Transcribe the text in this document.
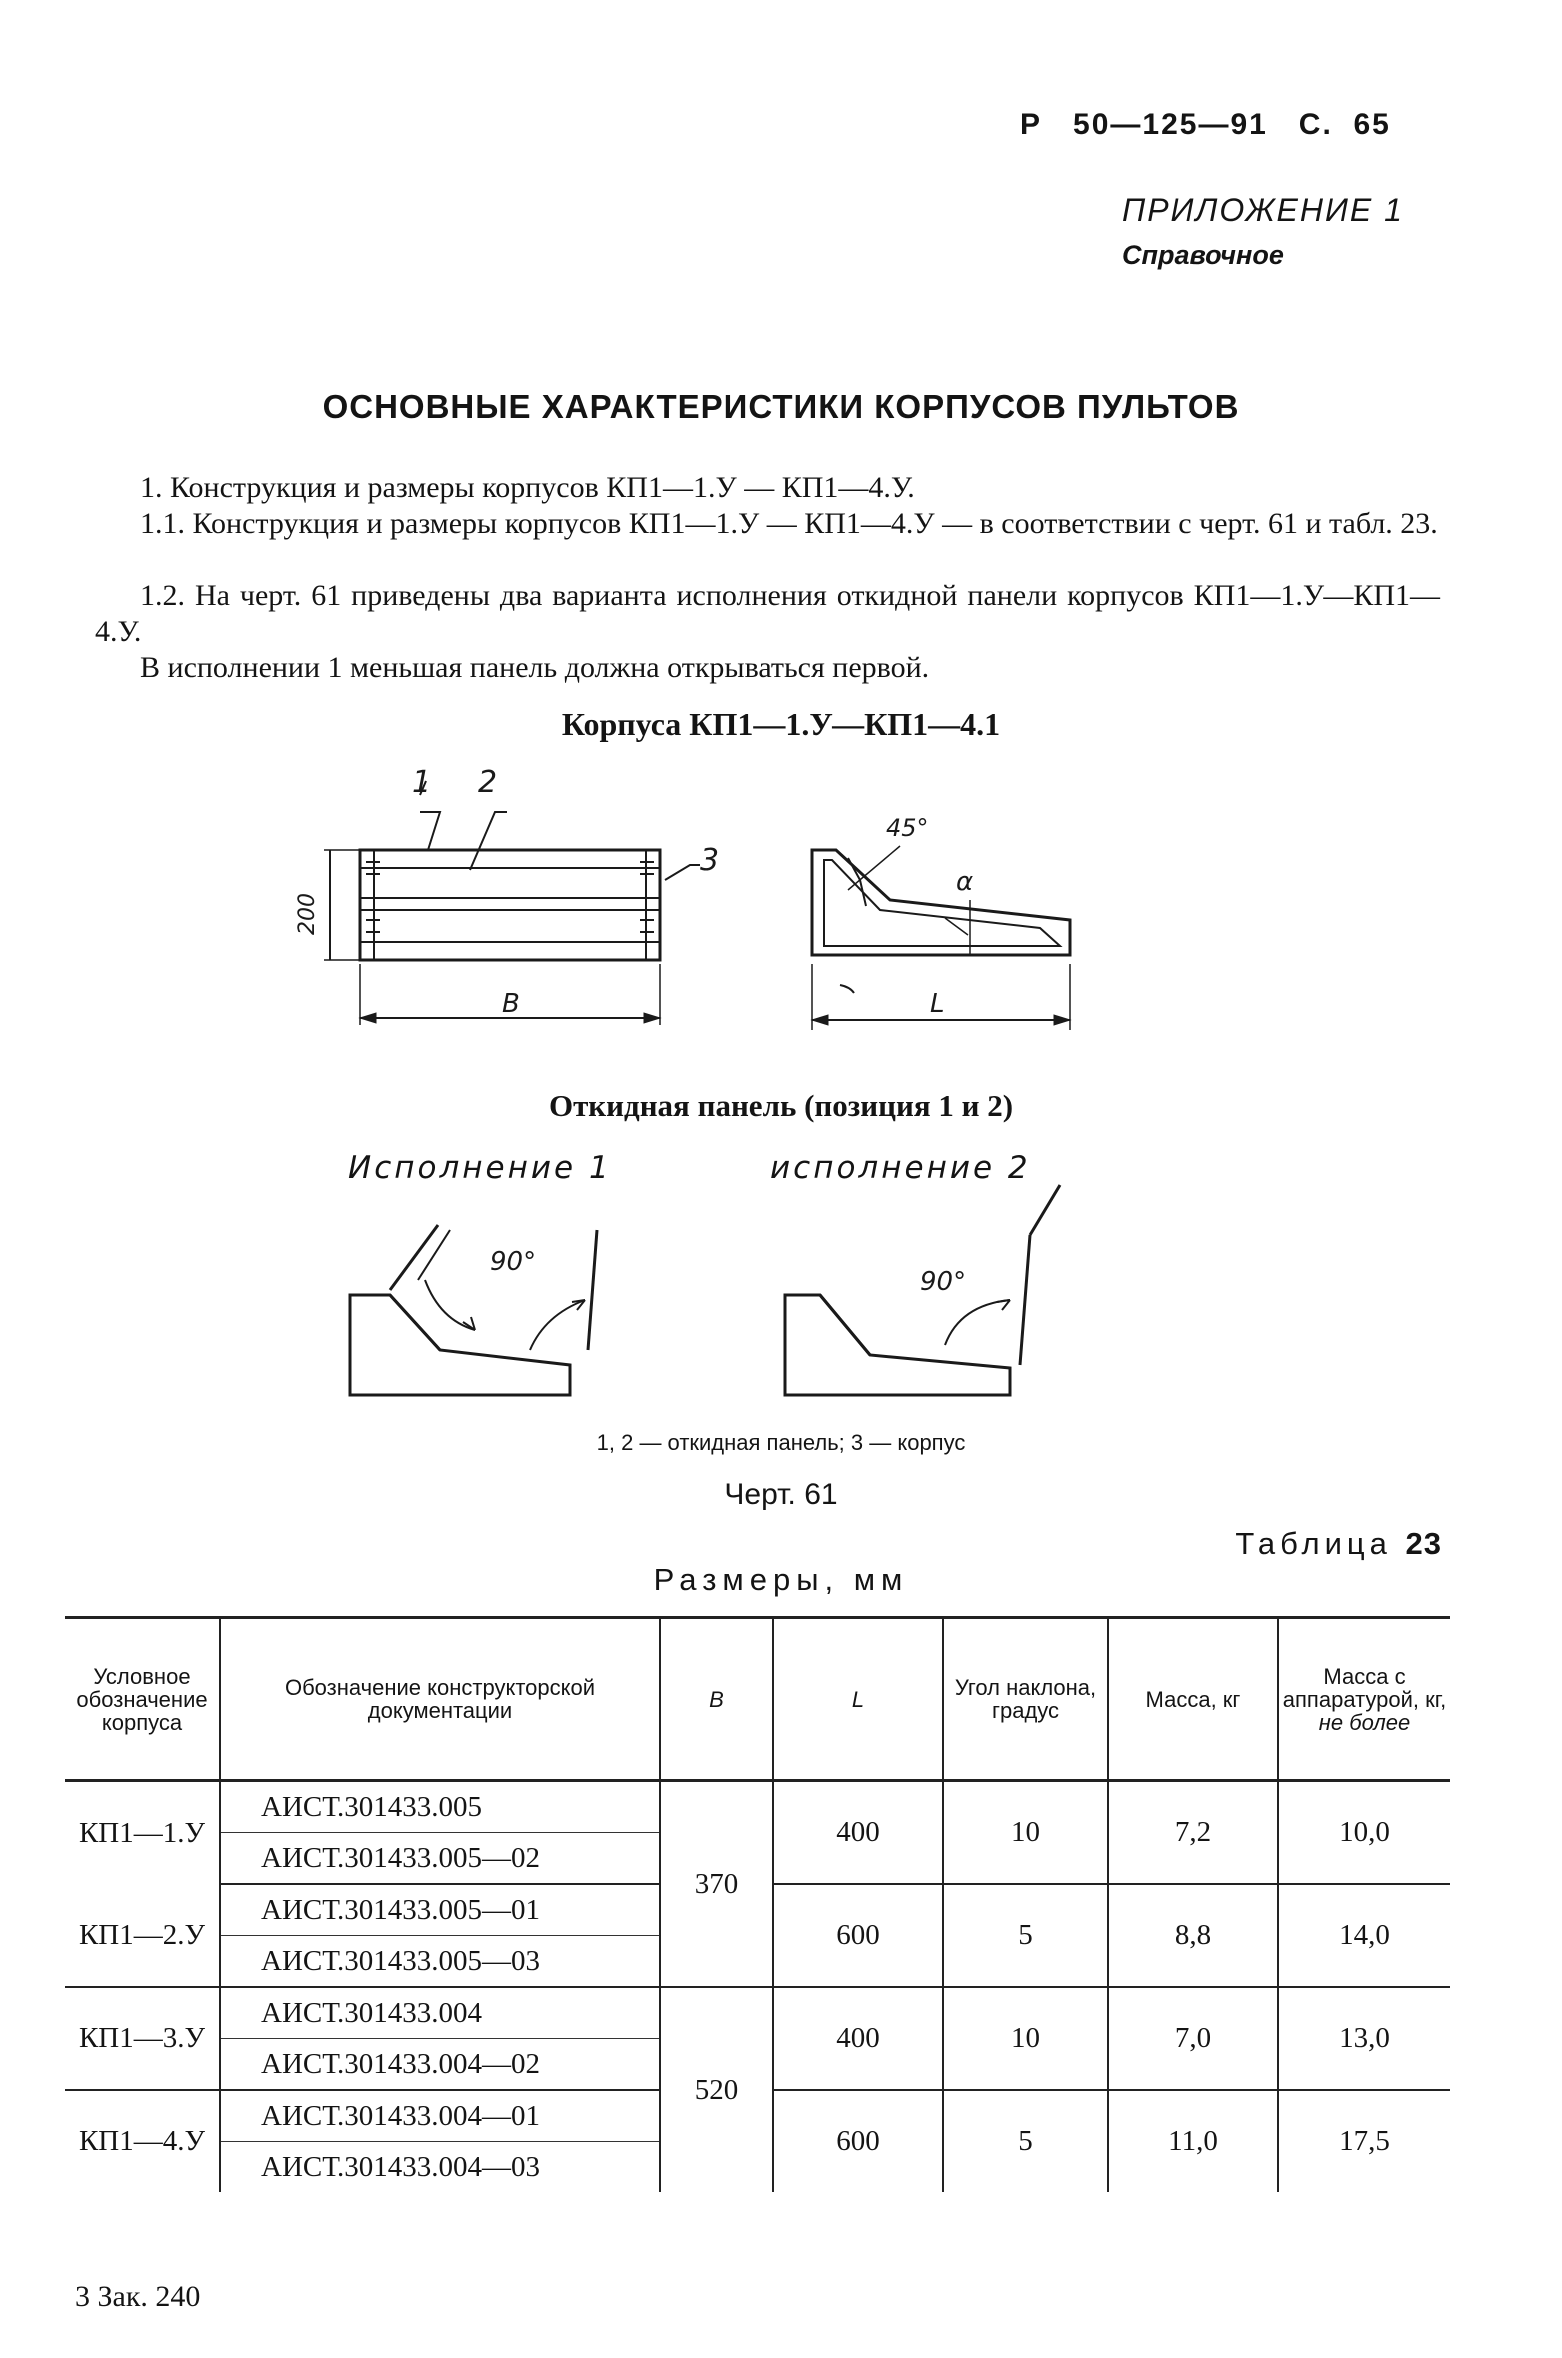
Р   50—125—91   С.  65
ПРИЛОЖЕНИЕ 1
Справочное
ОСНОВНЫЕ ХАРАКТЕРИСТИКИ КОРПУСОВ ПУЛЬТОВ
1. Конструкция и размеры корпусов КП1—1.У — КП1—4.У.
1.1. Конструкция и размеры корпусов КП1—1.У — КП1—4.У — в соответствии с черт. 61 и табл. 23.
1.2. На черт. 61 приведены два варианта исполнения откидной панели корпусов КП1—1.У—КП1—4.У.
В исполнении 1 меньшая панель должна открываться первой.
Корпуса КП1—1.У—КП1—4.1
1 2
3
200
B	L
45°
α
Откидная панель (позиция 1 и 2)
Исполнение 1	исполнение 2
90°
90°
1, 2 — откидная панель; 3 — корпус
Черт. 61
Таблица 23
Размеры, мм
Условное обозначение корпуса	Обозначение конструкторской документации	B	L	Угол наклона, градус	Масса, кг	Масса с аппаратурой, кг,
не более
КП1—1.У	АИСТ.301433.005	370	400	10	7,2	10,0
	АИСТ.301433.005—02					
КП1—2.У	АИСТ.301433.005—01		600	5	8,8	14,0
	АИСТ.301433.005—03					
КП1—3.У	АИСТ.301433.004	520	400	10	7,0	13,0
	АИСТ.301433.004—02					
КП1—4.У	АИСТ.301433.004—01		600	5	11,0	17,5
	АИСТ.301433.004—03					
3 Зак. 240
